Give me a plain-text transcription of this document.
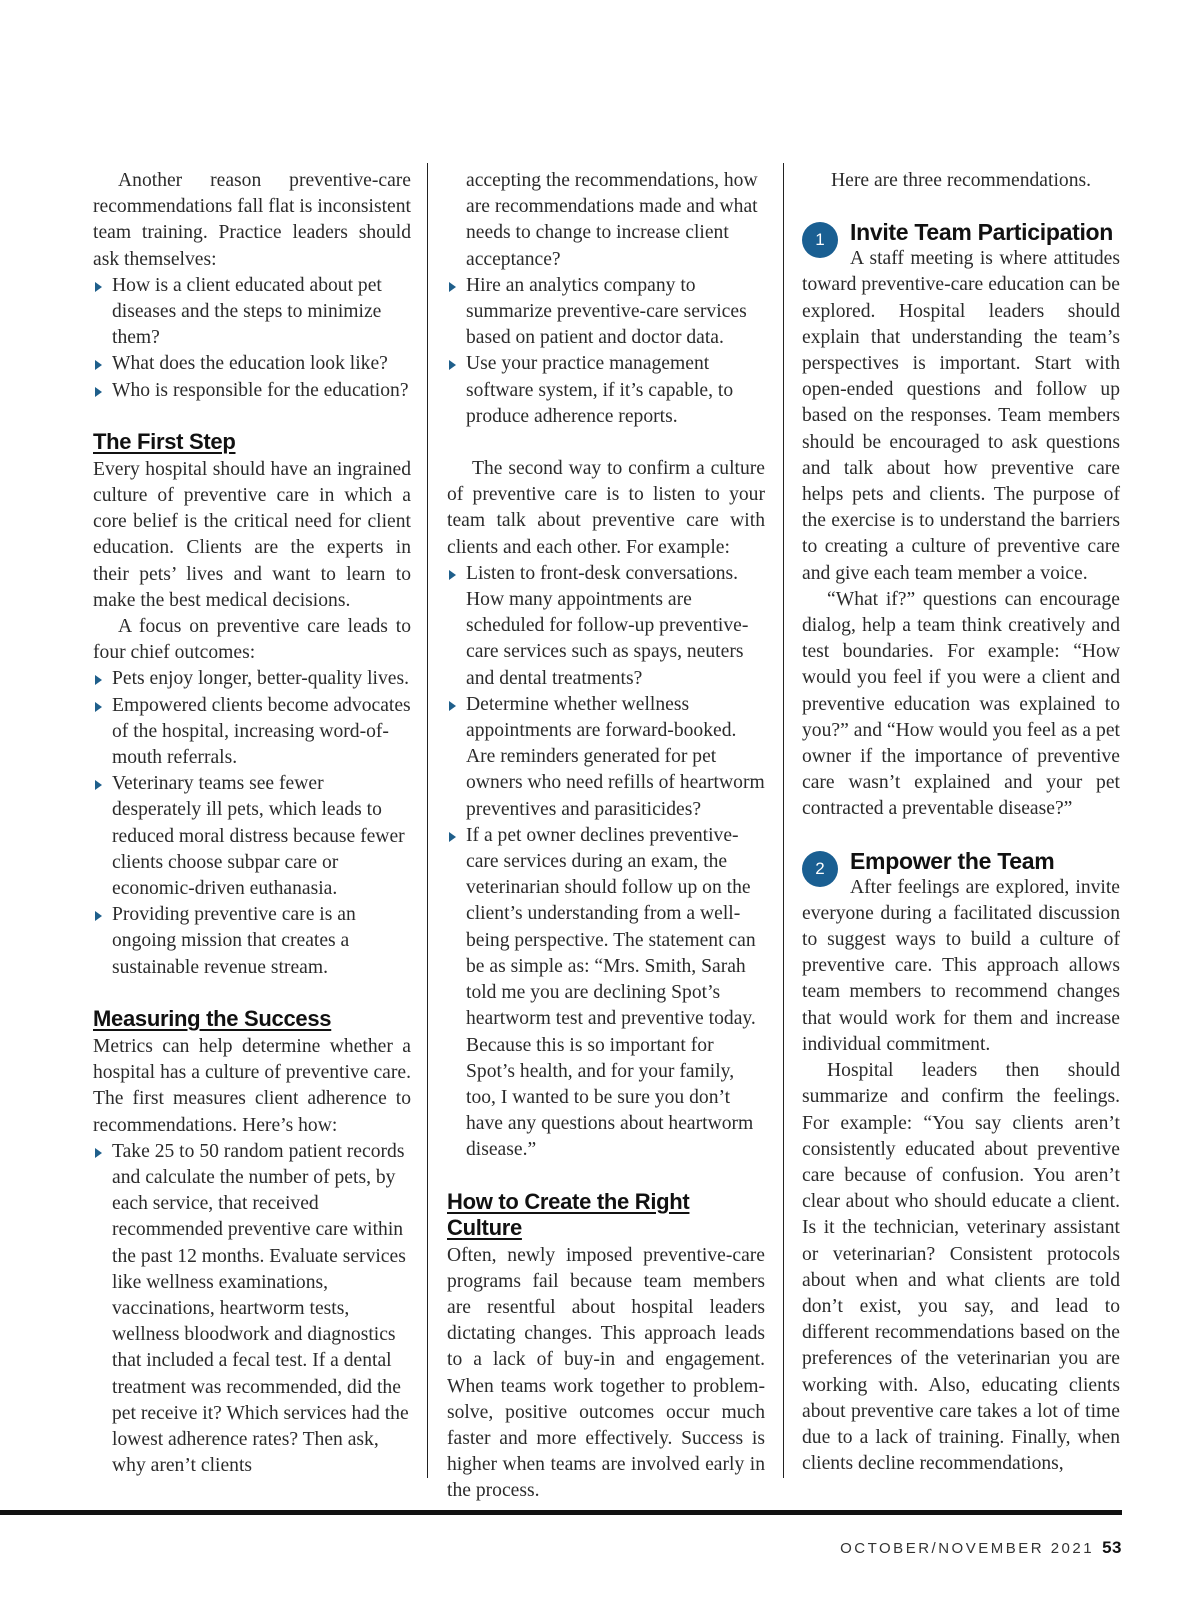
Another reason preventive-care recommendations fall flat is inconsistent team training. Practice leaders should ask themselves:

How is a client educated about pet diseases and the steps to minimize them?
What does the education look like?
Who is responsible for the education?
The First Step

Every hospital should have an ingrained culture of preventive care in which a core belief is the critical need for client education. Clients are the experts in their pets’ lives and want to learn to make the best medical decisions.

A focus on preventive care leads to four chief outcomes:

Pets enjoy longer, better-quality lives.
Empowered clients become advocates of the hospital, increasing word-of-mouth referrals.
Veterinary teams see fewer desperately ill pets, which leads to reduced moral distress because fewer clients choose subpar care or economic-driven euthanasia.
Providing preventive care is an ongoing mission that creates a sustainable revenue stream.
Measuring the Success

Metrics can help determine whether a hospital has a culture of preventive care. The first measures client adherence to recommendations. Here’s how:

Take 25 to 50 random patient records and calculate the number of pets, by each service, that received recommended preventive care within the past 12 months. Evaluate services like wellness examinations, vaccinations, heartworm tests, wellness bloodwork and diagnostics that included a fecal test. If a dental treatment was recommended, did the pet receive it? Which services had the lowest adherence rates? Then ask, why aren’t clients
accepting the recommendations, how are recommendations made and what needs to change to increase client acceptance?
Hire an analytics company to summarize preventive-care services based on patient and doctor data.
Use your practice management software system, if it’s capable, to produce adherence reports.

The second way to confirm a culture of preventive care is to listen to your team talk about preventive care with clients and each other. For example:

Listen to front-desk conversations. How many appointments are scheduled for follow-up preventive-care services such as spays, neuters and dental treatments?
Determine whether wellness appointments are forward-booked. Are reminders generated for pet owners who need refills of heartworm preventives and parasiticides?
If a pet owner declines preventive-care services during an exam, the veterinarian should follow up on the client’s understanding from a well-being perspective. The statement can be as simple as: “Mrs. Smith, Sarah told me you are declining Spot’s heartworm test and preventive today. Because this is so important for Spot’s health, and for your family, too, I wanted to be sure you don’t have any questions about heartworm disease.”
How to Create the Right Culture

Often, newly imposed preventive-care programs fail because team members are resentful about hospital leaders dictating changes. This approach leads to a lack of buy-in and engagement. When teams work together to problem-solve, positive outcomes occur much faster and more effectively. Success is higher when teams are involved early in the process.

Here are three recommendations.

1	Invite Team Participation

A staff meeting is where attitudes toward preventive-care education can be explored. Hospital leaders should explain that understanding the team’s perspectives is important. Start with open-ended questions and follow up based on the responses. Team members should be encouraged to ask questions and talk about how preventive care helps pets and clients. The purpose of the exercise is to understand the barriers to creating a culture of preventive care and give each team member a voice.

“What if?” questions can encourage dialog, help a team think creatively and test boundaries. For example: “How would you feel if you were a client and preventive education was explained to you?” and “How would you feel as a pet owner if the importance of preventive care wasn’t explained and your pet contracted a preventable disease?”

2	Empower the Team

After feelings are explored, invite everyone during a facilitated discussion to suggest ways to build a culture of preventive care. This approach allows team members to recommend changes that would work for them and increase individual commitment.

Hospital leaders then should summarize and confirm the feelings. For example: “You say clients aren’t consistently educated about preventive care because of confusion. You aren’t clear about who should educate a client. Is it the technician, veterinary assistant or veterinarian? Consistent protocols about when and what clients are told don’t exist, you say, and lead to different recommendations based on the preferences of the veterinarian you are working with. Also, educating clients about preventive care takes a lot of time due to a lack of training. Finally, when clients decline recommendations,

OCTOBER/NOVEMBER 2021 53
